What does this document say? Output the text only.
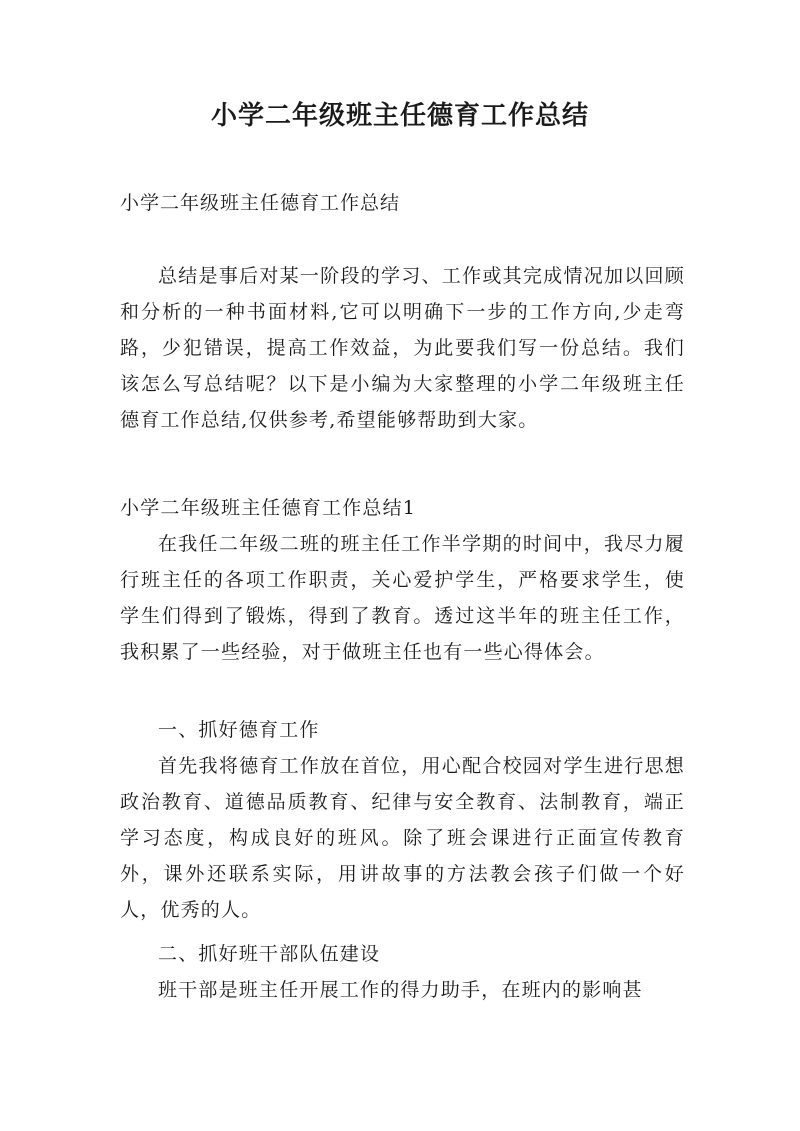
小学二年级班主任德育工作总结

小学二年级班主任德育工作总结

总结是事后对某一阶段的学习、工作或其完成情况加以回顾和分析的一种书面材料,它可以明确下一步的工作方向,少走弯路，少犯错误，提高工作效益，为此要我们写一份总结。我们该怎么写总结呢？以下是小编为大家整理的小学二年级班主任德育工作总结,仅供参考,希望能够帮助到大家。

小学二年级班主任德育工作总结1

在我任二年级二班的班主任工作半学期的时间中，我尽力履行班主任的各项工作职责，关心爱护学生，严格要求学生，使学生们得到了锻炼，得到了教育。透过这半年的班主任工作，我积累了一些经验，对于做班主任也有一些心得体会。

一、抓好德育工作

首先我将德育工作放在首位，用心配合校园对学生进行思想政治教育、道德品质教育、纪律与安全教育、法制教育，端正学习态度，构成良好的班风。除了班会课进行正面宣传教育外，课外还联系实际，用讲故事的方法教会孩子们做一个好人，优秀的人。

二、抓好班干部队伍建设

班干部是班主任开展工作的得力助手，在班内的影响甚
